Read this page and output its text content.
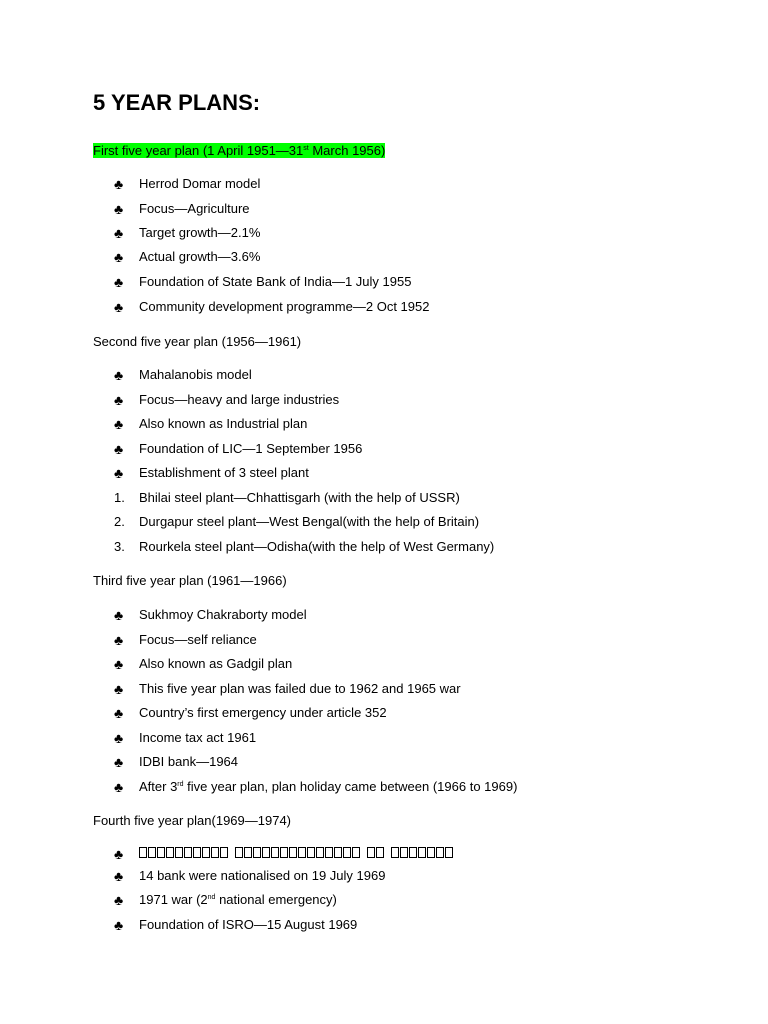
5 YEAR PLANS:

First five year plan (1 April 1951—31st March 1956)

♣	Herrod Domar model
♣	Focus—Agriculture
♣	Target growth—2.1%
♣	Actual growth—3.6%
♣	Foundation of State Bank of India—1 July 1955
♣	Community development programme—2 Oct 1952

Second five year plan (1956—1961)

♣	Mahalanobis model
♣	Focus—heavy and large industries
♣	Also known as Industrial plan
♣	Foundation of LIC—1 September 1956
♣	Establishment of 3 steel plant
1.	Bhilai steel plant—Chhattisgarh (with the help of USSR)
2.	Durgapur steel plant—West Bengal(with the help of Britain)
3.	Rourkela steel plant—Odisha(with the help of West Germany)

Third five year plan (1961—1966)

♣	Sukhmoy Chakraborty model
♣	Focus—self reliance
♣	Also known as Gadgil plan
♣	This five year plan was failed due to 1962 and 1965 war
♣	Country’s first emergency under article 352
♣	Income tax act 1961
♣	IDBI bank—1964
♣	After 3rd five year plan, plan holiday came between (1966 to 1969)

Fourth five year plan(1969—1974)

♣
♣	14 bank were nationalised on 19 July 1969
♣	1971 war (2nd national emergency)
♣	Foundation of ISRO—15 August 1969
